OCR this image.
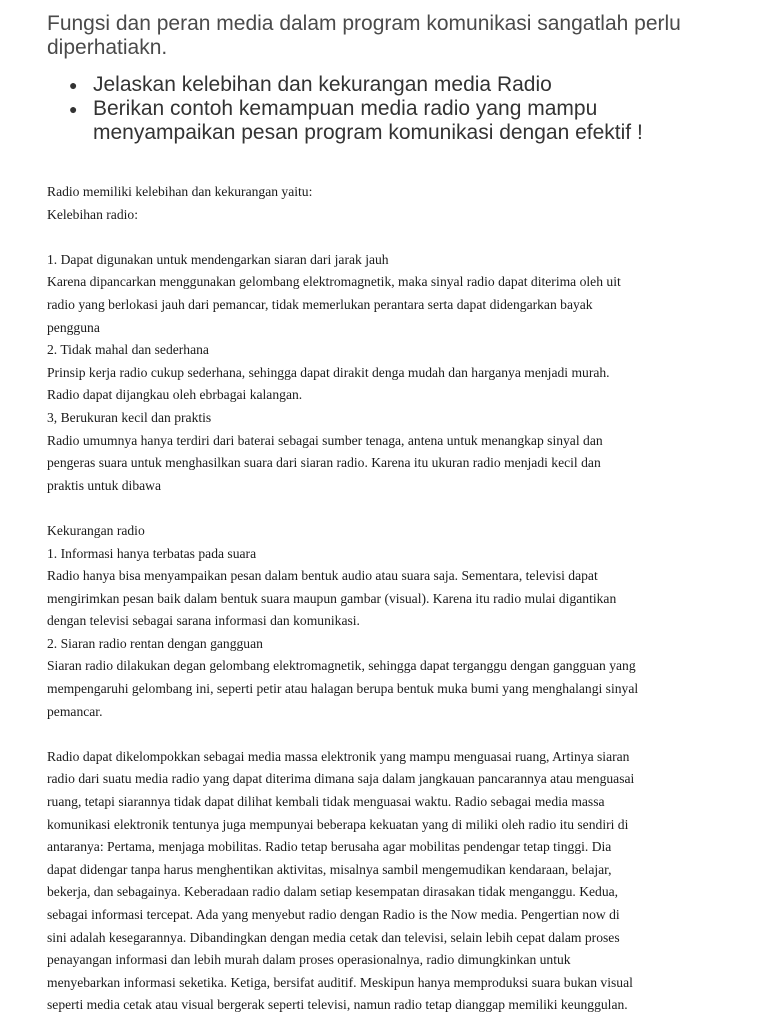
Fungsi dan peran media dalam program komunikasi sangatlah perlu diperhatiakn.

● Jelaskan kelebihan dan kekurangan media Radio
● Berikan contoh kemampuan media radio yang mampu menyampaikan pesan program komunikasi dengan efektif !
Radio memiliki kelebihan dan kekurangan yaitu:
Kelebihan radio:
1. Dapat digunakan untuk mendengarkan siaran dari jarak jauh
Karena dipancarkan menggunakan gelombang elektromagnetik, maka sinyal radio dapat diterima oleh uit
radio yang berlokasi jauh dari pemancar, tidak memerlukan perantara serta dapat didengarkan bayak
pengguna
2. Tidak mahal dan sederhana
Prinsip kerja radio cukup sederhana, sehingga dapat dirakit denga mudah dan harganya menjadi murah.
Radio dapat dijangkau oleh ebrbagai kalangan.
3, Berukuran kecil dan praktis
Radio umumnya hanya terdiri dari baterai sebagai sumber tenaga, antena untuk menangkap sinyal dan
pengeras suara untuk menghasilkan suara dari siaran radio. Karena itu ukuran radio menjadi kecil dan
praktis untuk dibawa
Kekurangan radio
1. Informasi hanya terbatas pada suara
Radio hanya bisa menyampaikan pesan dalam bentuk audio atau suara saja. Sementara, televisi dapat
mengirimkan pesan baik dalam bentuk suara maupun gambar (visual). Karena itu radio mulai digantikan
dengan televisi sebagai sarana informasi dan komunikasi.
2. Siaran radio rentan dengan gangguan
Siaran radio dilakukan degan gelombang elektromagnetik, sehingga dapat terganggu dengan gangguan yang
mempengaruhi gelombang ini, seperti petir atau halagan berupa bentuk muka bumi yang menghalangi sinyal
pemancar.
Radio dapat dikelompokkan sebagai media massa elektronik yang mampu menguasai ruang, Artinya siaran
radio dari suatu media radio yang dapat diterima dimana saja dalam jangkauan pancarannya atau menguasai
ruang, tetapi siarannya tidak dapat dilihat kembali tidak menguasai waktu. Radio sebagai media massa
komunikasi elektronik tentunya juga mempunyai beberapa kekuatan yang di miliki oleh radio itu sendiri di
antaranya: Pertama, menjaga mobilitas. Radio tetap berusaha agar mobilitas pendengar tetap tinggi. Dia
dapat didengar tanpa harus menghentikan aktivitas, misalnya sambil mengemudikan kendaraan, belajar,
bekerja, dan sebagainya. Keberadaan radio dalam setiap kesempatan dirasakan tidak menganggu. Kedua,
sebagai informasi tercepat. Ada yang menyebut radio dengan Radio is the Now media. Pengertian now di
sini adalah kesegarannya. Dibandingkan dengan media cetak dan televisi, selain lebih cepat dalam proses
penayangan informasi dan lebih murah dalam proses operasionalnya, radio dimungkinkan untuk
menyebarkan informasi seketika. Ketiga, bersifat auditif. Meskipun hanya memproduksi suara bukan visual
seperti media cetak atau visual bergerak seperti televisi, namun radio tetap dianggap memiliki keunggulan.
